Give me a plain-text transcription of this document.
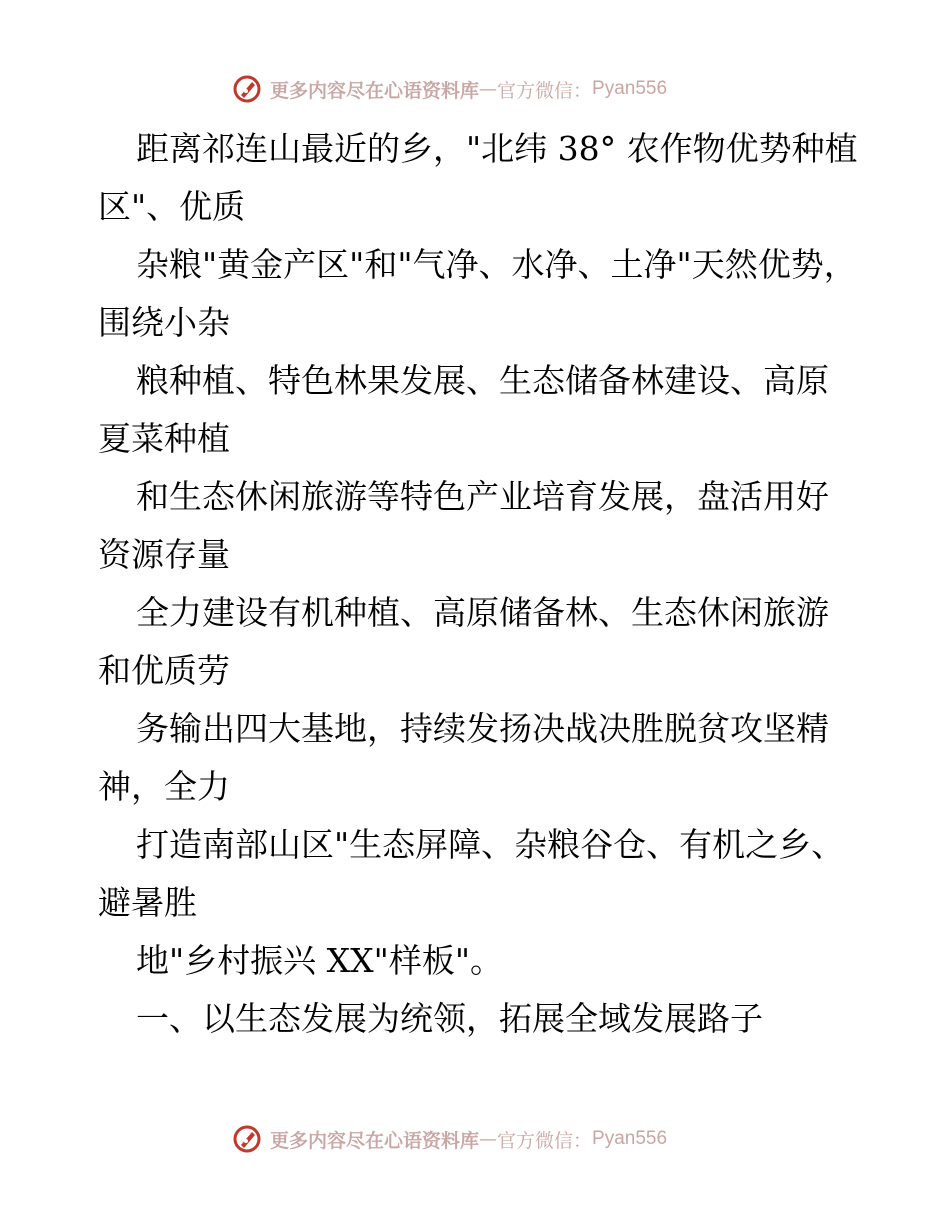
更多内容尽在心语资料库 — 官方微信： Pyan556

距离祁连山最近的乡，"北纬 38° 农作物优势种植区"、优质

杂粮"黄金产区"和"气净、水净、土净"天然优势，围绕小杂

粮种植、特色林果发展、生态储备林建设、高原夏菜种植

和生态休闲旅游等特色产业培育发展，盘活用好资源存量

全力建设有机种植、高原储备林、生态休闲旅游和优质劳

务输出四大基地，持续发扬决战决胜脱贫攻坚精神，全力

打造南部山区"生态屏障、杂粮谷仓、有机之乡、避暑胜

地"乡村振兴 XX"样板"。

一、以生态发展为统领，拓展全域发展路子

更多内容尽在心语资料库 — 官方微信： Pyan556
